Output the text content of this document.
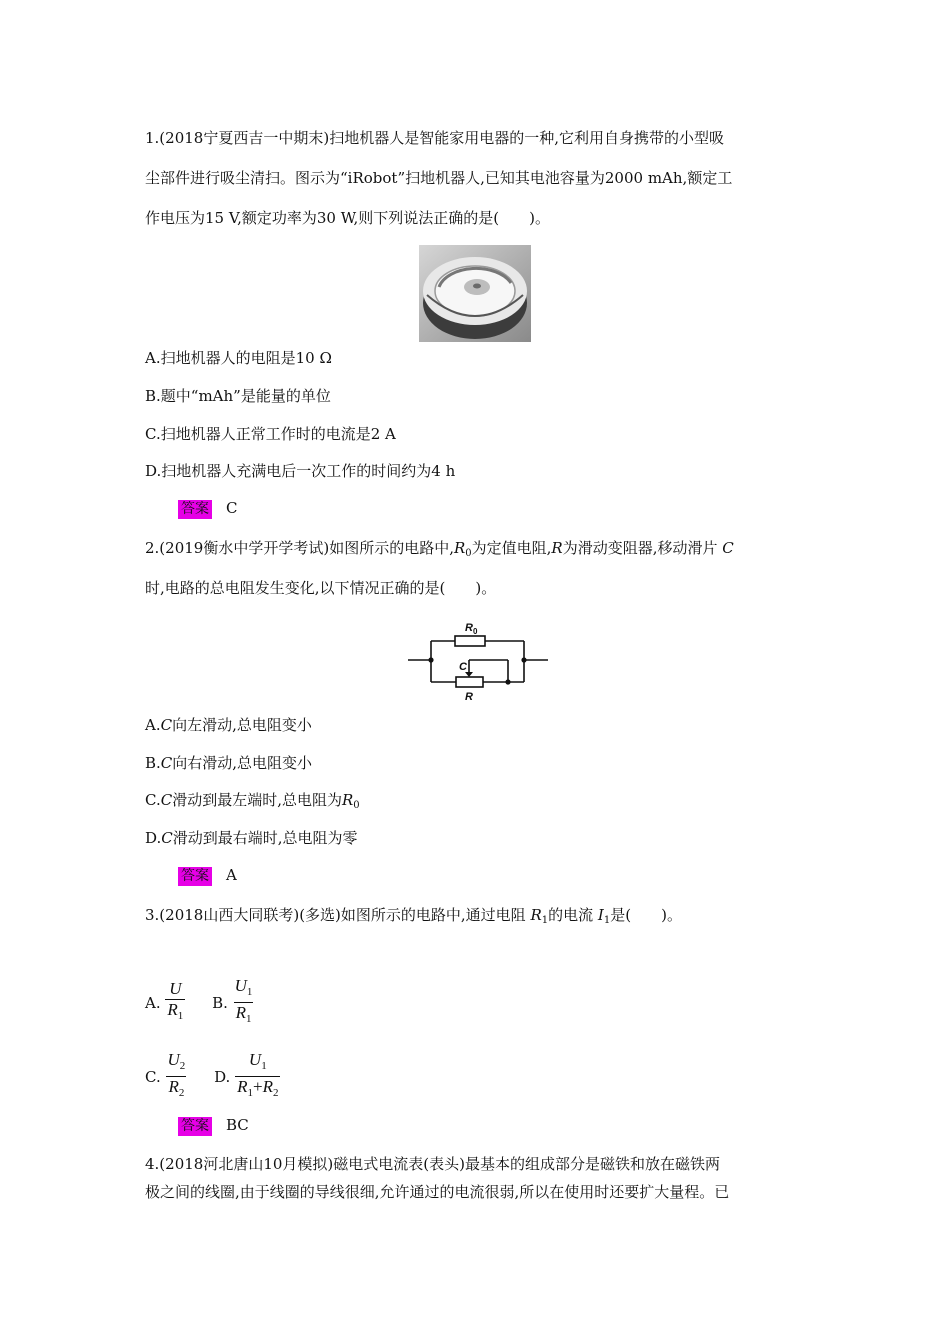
1.(2018宁夏西吉一中期末)扫地机器人是智能家用电器的一种,它利用自身携带的小型吸
尘部件进行吸尘清扫。图示为“iRobot”扫地机器人,已知其电池容量为2000 mAh,额定工
作电压为15 V,额定功率为30 W,则下列说法正确的是(　　)。
A.扫地机器人的电阻是10 Ω
B.题中“mAh”是能量的单位
C.扫地机器人正常工作时的电流是2 A
D.扫地机器人充满电后一次工作的时间约为4 h
答案 C
2.(2019衡水中学开学考试)如图所示的电路中$,R_0$为定值电阻,R为滑动变阻器,移动滑片 C
时,电路的总电阻发生变化,以下情况正确的是(　　)。
R 0
C
R
A.C向左滑动,总电阻变小
B.C向右滑动,总电阻变小
C.C滑动到最左端时,总电阻为$R_0$
D.C滑动到最右端时,总电阻为零
答案 A
3.(2018山西大同联考)(多选)如图所示的电路中,通过电阻 $R_1$的电流 $I_1$是(　　)。
A. $\frac{U}{R_1} B$. $\frac{U_1}{R_1}$
C. $\frac{U_2}{R_2} D$. $\frac{U_1}{R_1+R_2}$
答案 BC
4.(2018河北唐山10月模拟)磁电式电流表(表头)最基本的组成部分是磁铁和放在磁铁两
极之间的线圈,由于线圈的导线很细,允许通过的电流很弱,所以在使用时还要扩大量程。已
